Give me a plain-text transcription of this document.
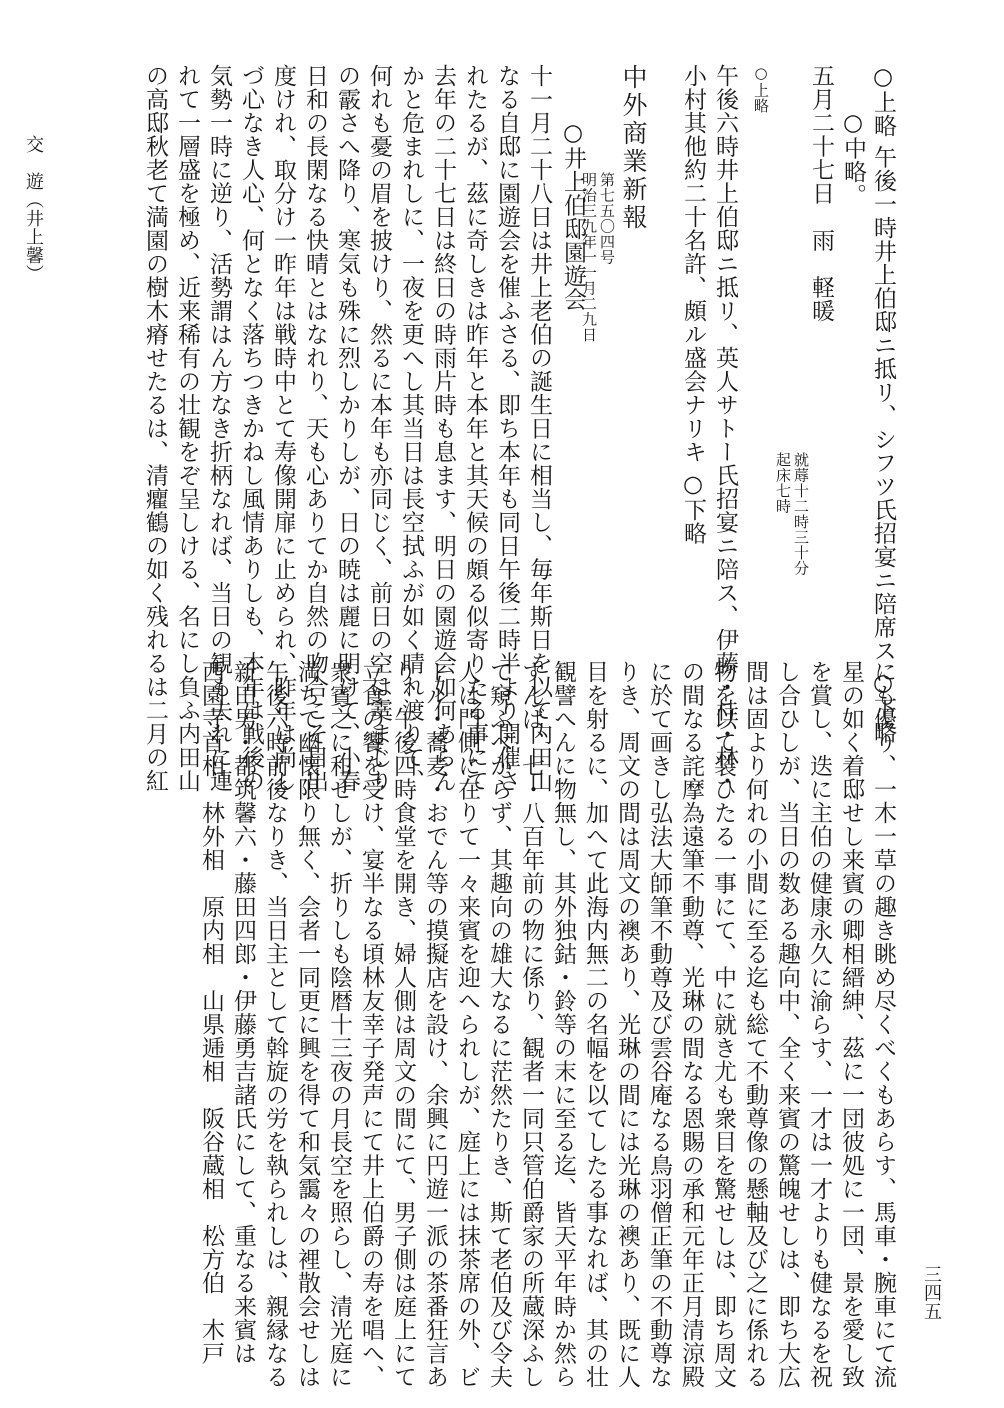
三四五
交　遊（井上馨）	○上略 午後一時井上伯邸ニ抵リ、シフツ氏招宴ニ陪席ス ○下略
○中略。
五月二十七日　雨　軽暖
起床七時 就蓐十二時三十分
○上略
午後六時井上伯邸ニ抵リ、英人サトー氏招宴ニ陪ス、伊藤・桂・林・
小村其他約二十名許、頗ル盛会ナリキ ○下略
中外商業新報
第七五〇四号
明治三九年一一月二九日
○井上伯邸園遊会
十一月二十八日は井上老伯の誕生日に相当し、毎年斯日を以て内田山
なる自邸に園遊会を催ふさる、即ち本年も同日午後二時半より開催さ
れたるが、茲に奇しきは昨年と本年と其天候の頗る似寄りたる事にて
去年の二十七日は終日の時雨片時も息ます、明日の園遊会如何あらん
かと危まれしに、一夜を更へし其当日は長空拭ふが如く晴れ渡りて、
何れも憂の眉を披けり、然るに本年も亦同じく、前日の空は霙まじり
の霰さへ降り、寒気も殊に烈しかりしが、日の暁は麗に明けて、小春
日和の長閑なる快晴とはなれり、天も心ありてか自然の吻合こそ目出
度けれ、取分け一昨年は戦時中とて寿像開扉に止められ、昨年は尚し
づ心なき人心、何となく落ちつきかねし風情ありしも、本年は戦後の
気勢一時に逆り、活勢謂はん方なき折柄なれば、当日の観も夫れに連
れて一層盛を極め、近来稀有の壮観をぞ呈しける、名にし負ふ内田山
の高邸秋老て満園の樹木瘠せたるは、清癯鶴の如く残れるは二月の紅
にも優り、一木一草の趣き眺め尽くべくもあらす、馬車・腕車にて流
星の如く着邸せし来賓の卿相縉紳、茲に一団彼処に一団、景を愛し致
を賞し、迭に主伯の健康永久に渝らす、一才は一才よりも健なるを祝
し合ひしが、当日の数ある趣向中、全く来賓の驚魄せしは、即ち大広
間は固より何れの小間に至る迄も総て不動尊像の懸軸及び之に係れる
物を以て装ひたる一事にて、中に就き尤も衆目を驚せしは、即ち周文
の間なる詫摩為遠筆不動尊、光琳の間なる恩賜の承和元年正月清涼殿
に於て画きし弘法大師筆不動尊及び雲谷庵なる鳥羽僧正筆の不動尊な
りき、周文の間は周文の襖あり、光琳の間には光琳の襖あり、既に人
目を射るに、加へて此海内無二の名幅を以てしたる事なれば、其の壮
観譬へんに物無し、其外独鈷・鈴等の末に至る迄、皆天平年時か然ら
すんば、七・八百年前の物に係り、観者一同只管伯爵家の所蔵深ふし
て窺ふべからず、其趣向の雄大なるに茫然たりき、斯て老伯及び令夫
人は門側に在りて一々来賓を迎へられしが、庭上には抹茶席の外、ビ
ール・蕎麦・おでん等の摸擬店を設け、余興に円遊一派の茶番狂言あ
り、午後四時食堂を開き、婦人側は周文の間にて、男子側は庭上にて
立食の饗を受け、宴半なる頃林友幸子発声にて井上伯爵の寿を唱へ、
衆賓之に和せしが、折りしも陰暦十三夜の月長空を照らし、清光庭に
満ちて幽懐限り無く、会者一同更に興を得て和気靄々の裡散会せしは
午後六時前後なりき、当日主として斡旋の労を執られしは、親縁なる
新田男・都筑馨六・藤田四郎・伊藤勇吉諸氏にして、重なる来賓は
西園寺首相　林外相　原内相　山県逓相　阪谷蔵相　松方伯　木戸
